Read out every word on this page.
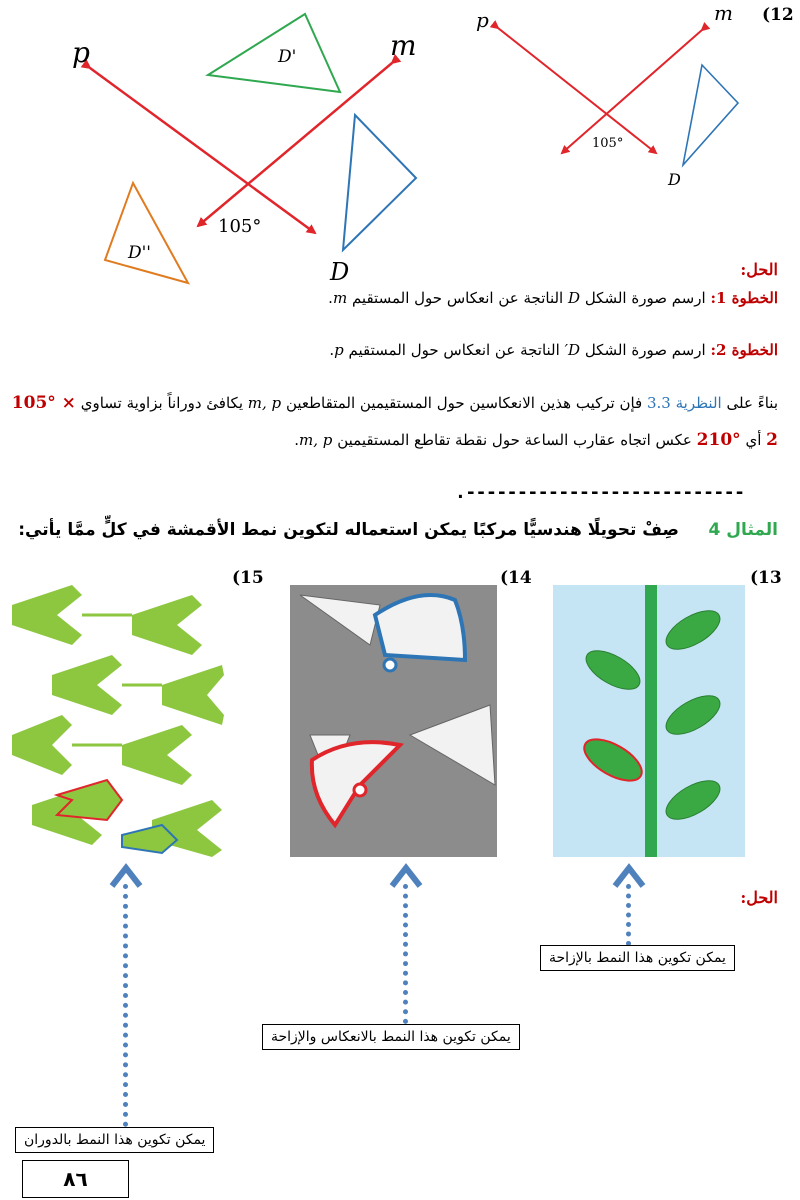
p	m
D'
D''
D
105°
p	m
D
105°
(12
الحل:
الخطوة 1: ارسم صورة الشكل D الناتجة عن انعكاس حول المستقيم m.
الخطوة 2: ارسم صورة الشكل D′ الناتجة عن انعكاس حول المستقيم p.
بناءً على النظرية 3.3 فإن تركيب هذين الانعكاسين حول المستقيمين المتقاطعين m, p يكافئ دوراناً بزاوية تساوي 105° × 2 أي 210° عكس اتجاه عقارب الساعة حول نقطة تقاطع المستقيمين m, p.
.---------------------------
المثال 4     صِفْ تحويلًا هندسيًّا مركبًا يمكن استعماله لتكوين نمط الأقمشة في كلٍّ ممَّا يأتي:
(13
(14
(15
الحل:
يمكن تكوين هذا النمط بالإزاحة
يمكن تكوين هذا النمط بالانعكاس والإزاحة
يمكن تكوين هذا النمط بالدوران
٨٦
